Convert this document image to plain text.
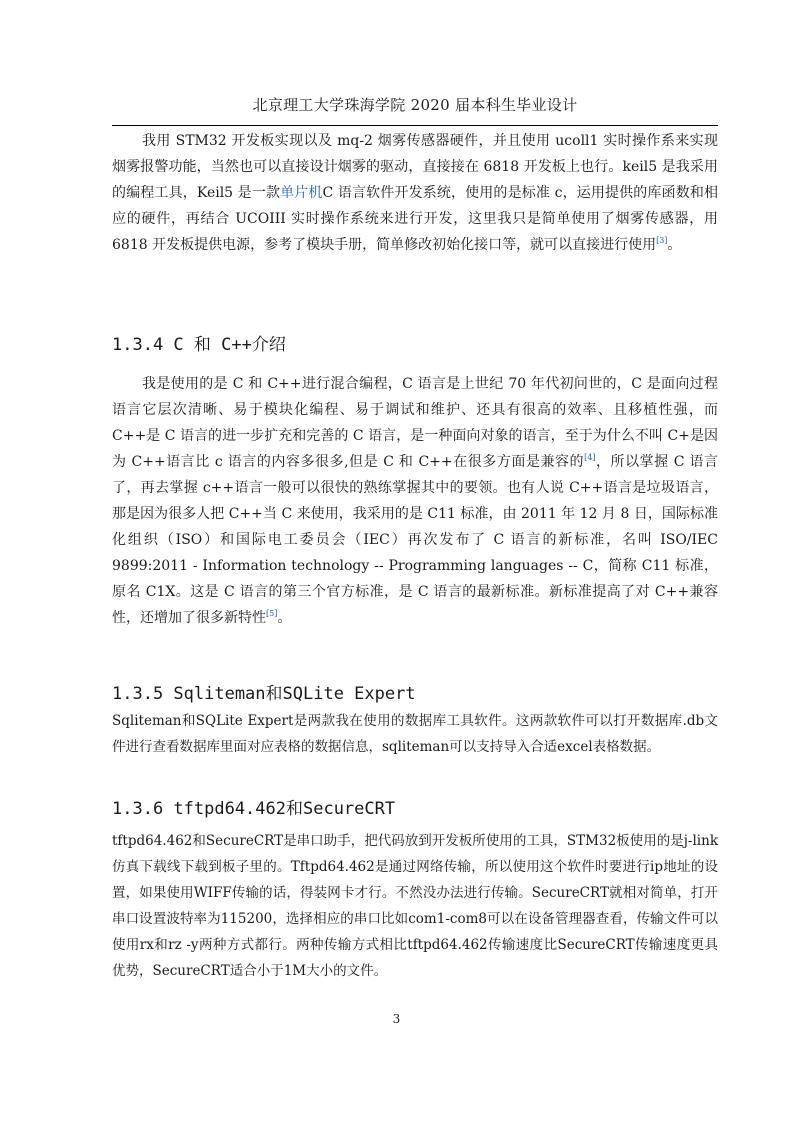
北京理工大学珠海学院 2020 届本科生毕业设计

我用 STM32 开发板实现以及 mq-2 烟雾传感器硬件，并且使用 ucoll1 实时操作系来实现烟雾报警功能，当然也可以直接设计烟雾的驱动，直接接在 6818 开发板上也行。keil5 是我采用的编程工具，Keil5 是一款单片机C 语言软件开发系统，使用的是标准 c，运用提供的库函数和相应的硬件，再结合 UCOIII 实时操作系统来进行开发，这里我只是简单使用了烟雾传感器，用 6818 开发板提供电源，参考了模块手册，简单修改初始化接口等，就可以直接进行使用[3]。

1.3.4 C 和 C++介绍

我是使用的是 C 和 C++进行混合编程，C 语言是上世纪 70 年代初问世的，C 是面向过程语言它层次清晰、易于模块化编程、易于调试和维护、还具有很高的效率、且移植性强，而 C++是 C 语言的进一步扩充和完善的 C 语言，是一种面向对象的语言，至于为什么不叫 C+是因为 C++语言比 c 语言的内容多很多,但是 C 和 C++在很多方面是兼容的[4]，所以掌握 C 语言了，再去掌握 c++语言一般可以很快的熟练掌握其中的要领。也有人说 C++语言是垃圾语言，那是因为很多人把 C++当 C 来使用，我采用的是 C11 标准，由 2011 年 12 月 8 日，国际标准化组织（ISO）和国际电工委员会（IEC）再次发布了 C 语言的新标准，名叫 ISO/IEC 9899:2011 - Information technology -- Programming languages -- C，简称 C11 标准，原名 C1X。这是 C 语言的第三个官方标准，是 C 语言的最新标准。新标准提高了对 C++兼容性，还增加了很多新特性[5]。

1.3.5 Sqliteman和SQLite Expert

Sqliteman和SQLite Expert是两款我在使用的数据库工具软件。这两款软件可以打开数据库.db文件进行查看数据库里面对应表格的数据信息，sqliteman可以支持导入合适excel表格数据。

1.3.6 tftpd64.462和SecureCRT

tftpd64.462和SecureCRT是串口助手，把代码放到开发板所使用的工具，STM32板使用的是j-link仿真下载线下载到板子里的。Tftpd64.462是通过网络传输，所以使用这个软件时要进行ip地址的设置，如果使用WIFF传输的话，得装网卡才行。不然没办法进行传输。SecureCRT就相对简单，打开串口设置波特率为115200，选择相应的串口比如com1-com8可以在设备管理器查看，传输文件可以使用rx和rz -y两种方式都行。两种传输方式相比tftpd64.462传输速度比SecureCRT传输速度更具优势，SecureCRT适合小于1M大小的文件。

3
